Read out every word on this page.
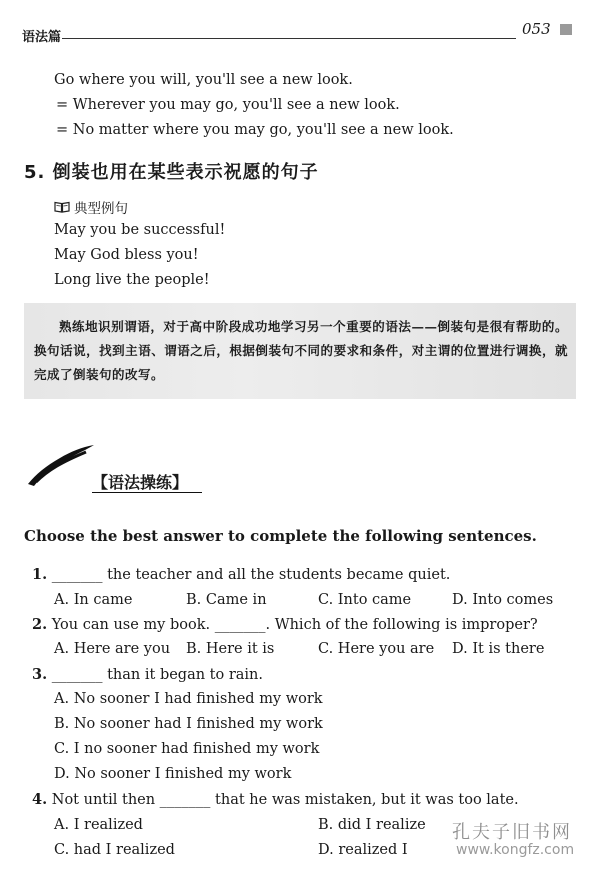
语法篇	053
Go where you will, you'll see a new look.
= Wherever you may go, you'll see a new look.
= No matter where you may go, you'll see a new look.
5. 倒装也用在某些表示祝愿的句子
典型例句
May you be successful!
May God bless you!
Long live the people!
熟练地识别谓语，对于高中阶段成功地学习另一个重要的语法——倒装句是很有帮助的。换句话说，找到主语、谓语之后，根据倒装句不同的要求和条件，对主谓的位置进行调换，就完成了倒装句的改写。
【语法操练】
Choose the best answer to complete the following sentences.
1. _______ the teacher and all the students became quiet.
A. In came	B. Came in	C. Into came	D. Into comes
2. You can use my book. _______. Which of the following is improper?
A. Here are you B. Here it is	C. Here you are D. It is there
3. _______ than it began to rain.
A. No sooner I had finished my work
B. No sooner had I finished my work
C. I no sooner had finished my work
D. No sooner I finished my work
4. Not until then _______ that he was mistaken, but it was too late.
A. I realized	B. did I realize
C. had I realized	D. realized I
孔夫子旧书网
www.kongfz.com
